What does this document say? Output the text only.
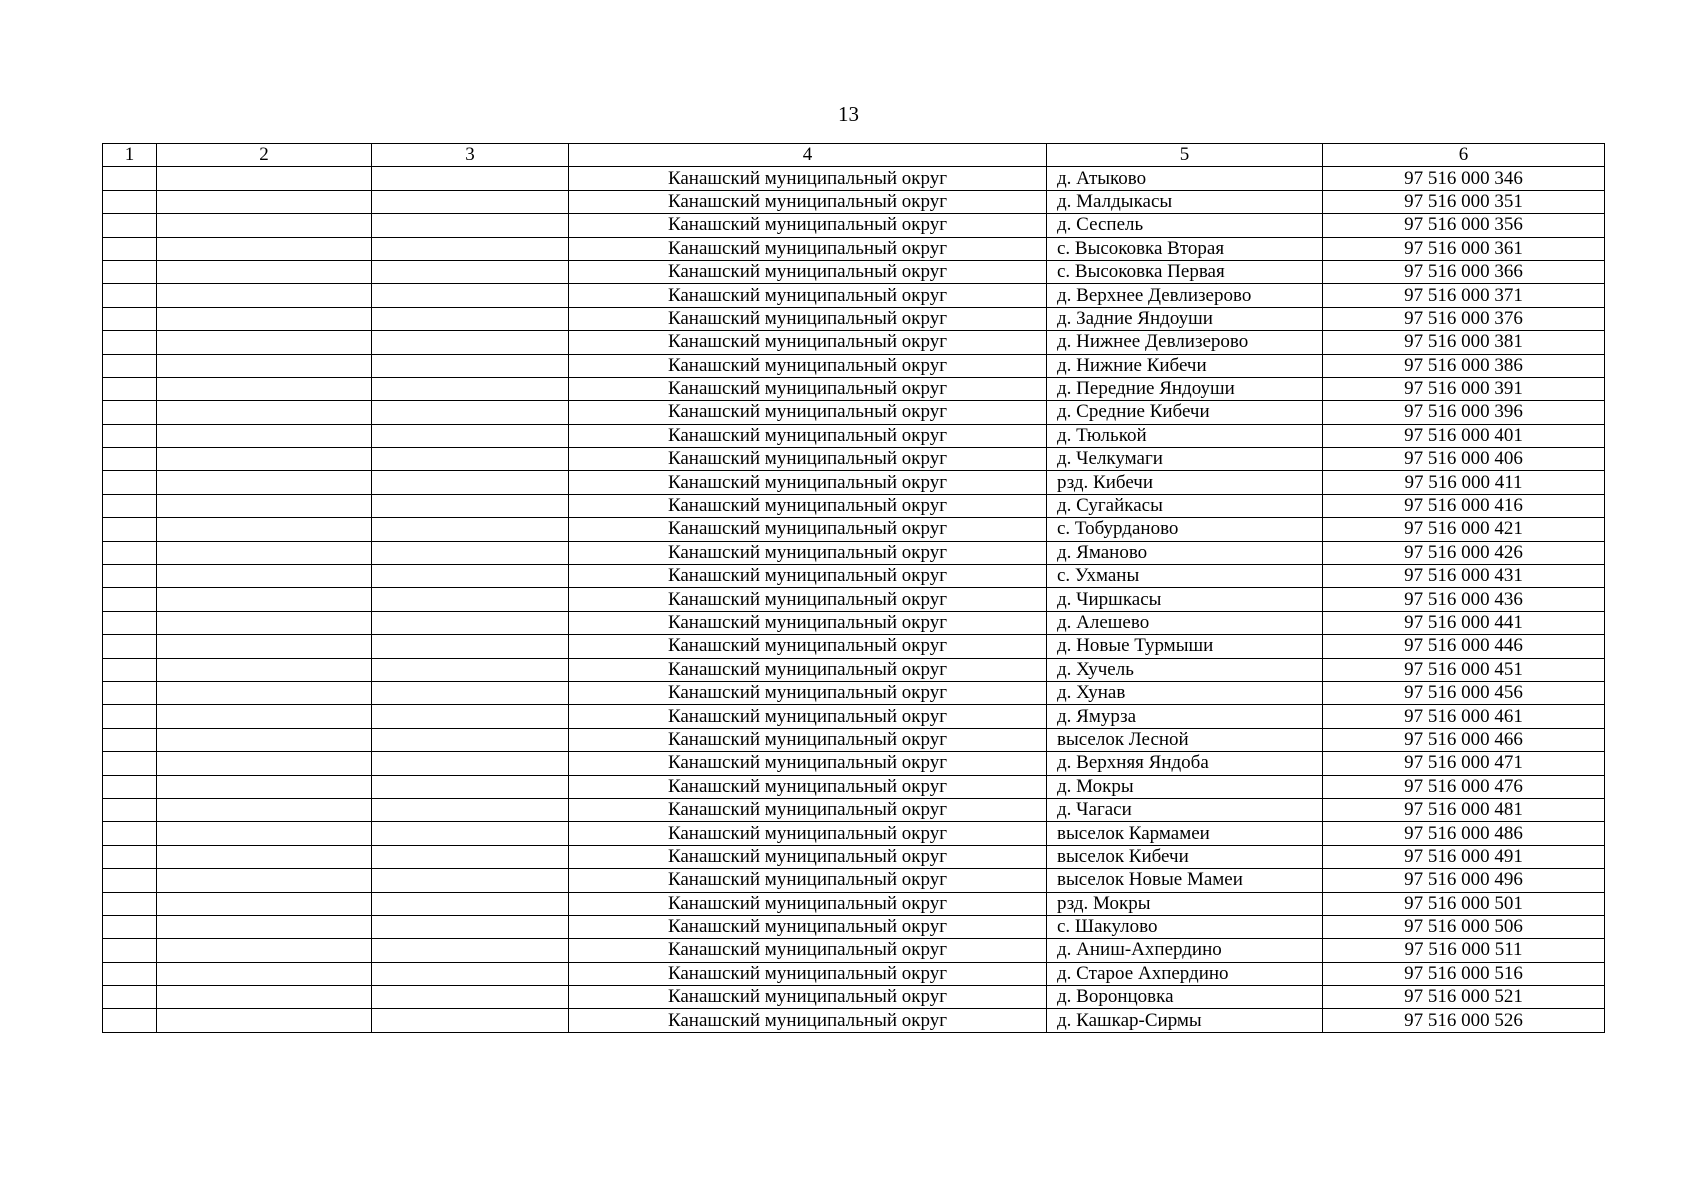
13
1	2	3	4	5	6
			Канашский муниципальный округ	д. Атыково	97 516 000 346
			Канашский муниципальный округ	д. Малдыкасы	97 516 000 351
			Канашский муниципальный округ	д. Сеспель	97 516 000 356
			Канашский муниципальный округ	с. Высоковка Вторая	97 516 000 361
			Канашский муниципальный округ	с. Высоковка Первая	97 516 000 366
			Канашский муниципальный округ	д. Верхнее Девлизерово	97 516 000 371
			Канашский муниципальный округ	д. Задние Яндоуши	97 516 000 376
			Канашский муниципальный округ	д. Нижнее Девлизерово	97 516 000 381
			Канашский муниципальный округ	д. Нижние Кибечи	97 516 000 386
			Канашский муниципальный округ	д. Передние Яндоуши	97 516 000 391
			Канашский муниципальный округ	д. Средние Кибечи	97 516 000 396
			Канашский муниципальный округ	д. Тюлькой	97 516 000 401
			Канашский муниципальный округ	д. Челкумаги	97 516 000 406
			Канашский муниципальный округ	рзд. Кибечи	97 516 000 411
			Канашский муниципальный округ	д. Сугайкасы	97 516 000 416
			Канашский муниципальный округ	с. Тобурданово	97 516 000 421
			Канашский муниципальный округ	д. Яманово	97 516 000 426
			Канашский муниципальный округ	с. Ухманы	97 516 000 431
			Канашский муниципальный округ	д. Чиршкасы	97 516 000 436
			Канашский муниципальный округ	д. Алешево	97 516 000 441
			Канашский муниципальный округ	д. Новые Турмыши	97 516 000 446
			Канашский муниципальный округ	д. Хучель	97 516 000 451
			Канашский муниципальный округ	д. Хунав	97 516 000 456
			Канашский муниципальный округ	д. Ямурза	97 516 000 461
			Канашский муниципальный округ	выселок Лесной	97 516 000 466
			Канашский муниципальный округ	д. Верхняя Яндоба	97 516 000 471
			Канашский муниципальный округ	д. Мокры	97 516 000 476
			Канашский муниципальный округ	д. Чагаси	97 516 000 481
			Канашский муниципальный округ	выселок Кармамеи	97 516 000 486
			Канашский муниципальный округ	выселок Кибечи	97 516 000 491
			Канашский муниципальный округ	выселок Новые Мамеи	97 516 000 496
			Канашский муниципальный округ	рзд. Мокры	97 516 000 501
			Канашский муниципальный округ	с. Шакулово	97 516 000 506
			Канашский муниципальный округ	д. Аниш-Ахпердино	97 516 000 511
			Канашский муниципальный округ	д. Старое Ахпердино	97 516 000 516
			Канашский муниципальный округ	д. Воронцовка	97 516 000 521
			Канашский муниципальный округ	д. Кашкар-Сирмы	97 516 000 526
